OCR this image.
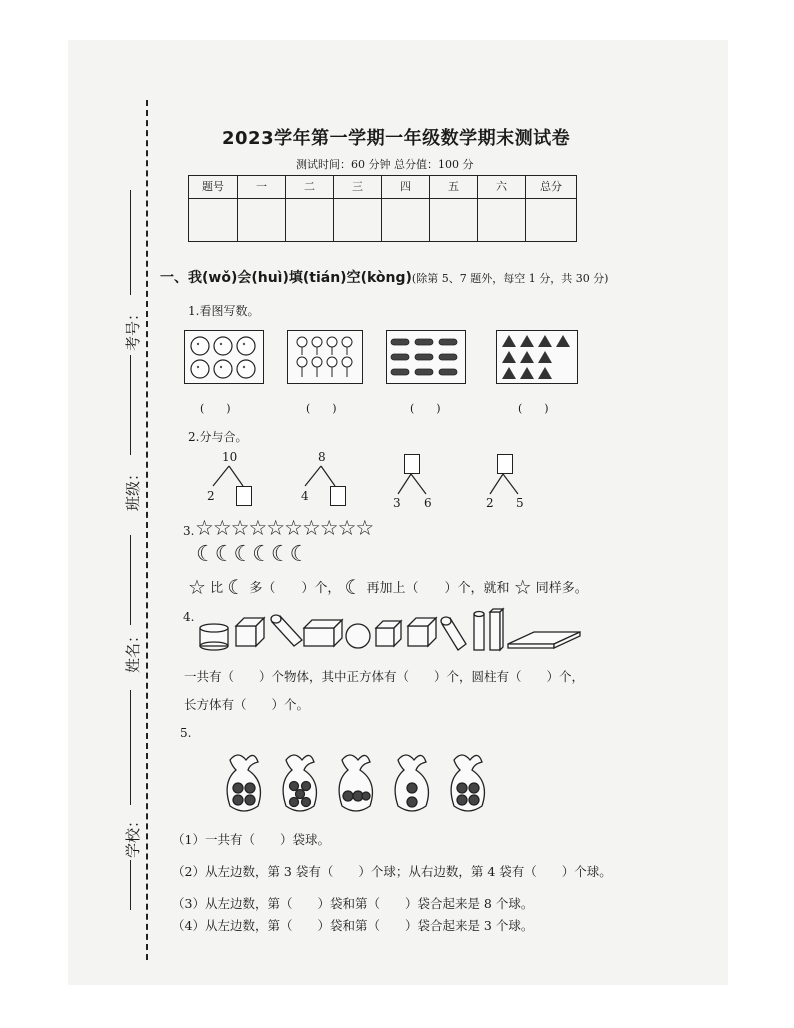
考号：
班级：
姓名：
学校：
2023学年第一学期一年级数学期末测试卷
测试时间：60 分钟 总分值：100 分
题号	一	二	三	四	五	六	总分

一、我(wǒ)会(huì)填(tián)空(kòng)(除第 5、7 题外，每空 1 分，共 30 分)
1.看图写数。
(　　)	(　　)	(　　)	(　　)
2.分与合。
10
2
8
4	3 6	2 5
3. ☆☆☆☆☆☆☆☆☆☆
☾☾☾☾☾☾
☆ 比 ☾ 多（　　）个， ☾ 再加上（　　）个，就和 ☆ 同样多。
4.
一共有（　　）个物体，其中正方体有（　　）个，圆柱有（　　）个，
长方体有（　　）个。
5.
（1）一共有（　　）袋球。
（2）从左边数，第 3 袋有（　　）个球；从右边数，第 4 袋有（　　）个球。
（3）从左边数，第（　　）袋和第（　　）袋合起来是 8 个球。
（4）从左边数，第（　　）袋和第（　　）袋合起来是 3 个球。
